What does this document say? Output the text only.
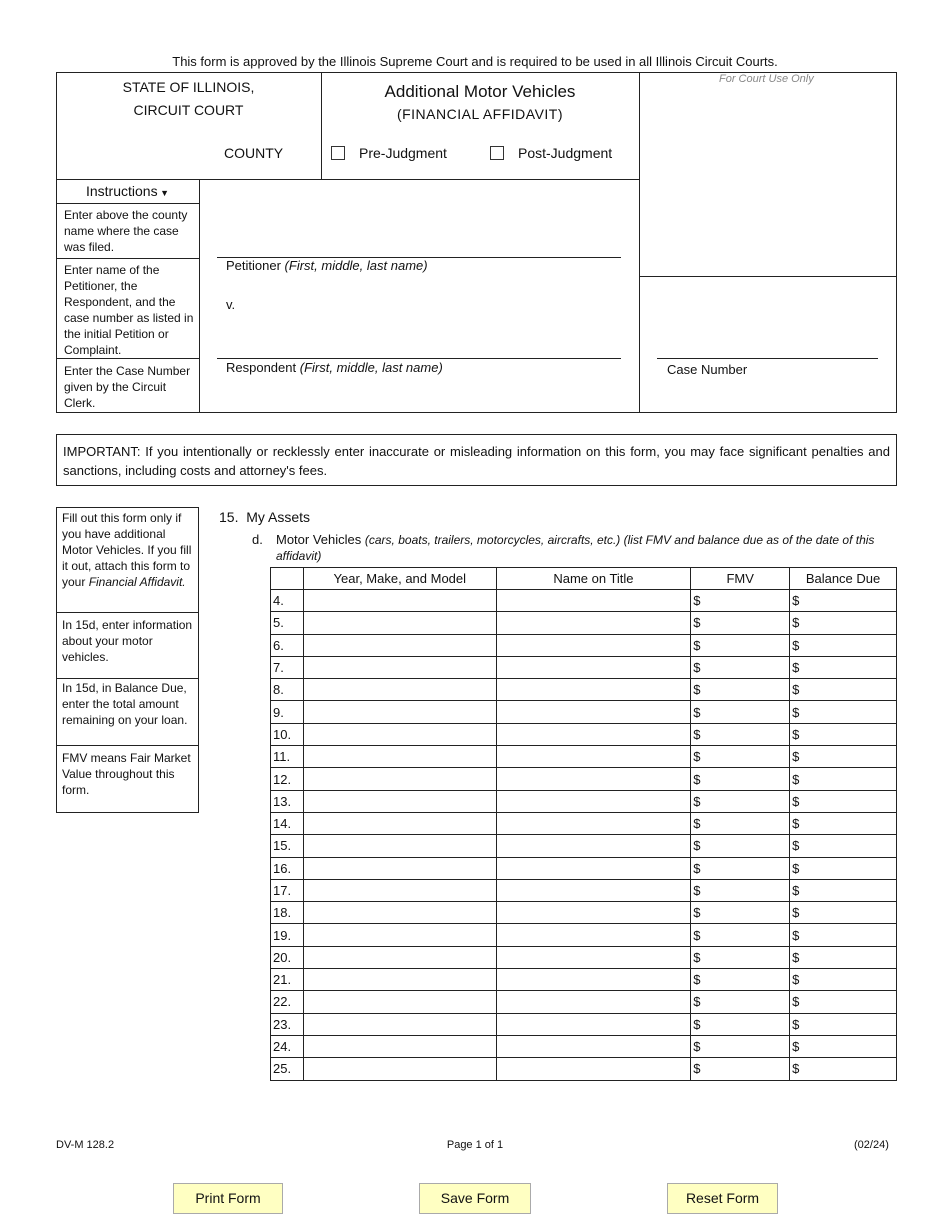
This form is approved by the Illinois Supreme Court and is required to be used in all Illinois Circuit Courts.
STATE OF ILLINOIS,
CIRCUIT COURT
COUNTY
Additional Motor Vehicles
(FINANCIAL AFFIDAVIT)
Pre-Judgment	Post-Judgment
For Court Use Only
Instructions ▼
Enter above the county name where the case was filed.
Enter name of the Petitioner, the Respondent, and the case number as listed in the initial Petition or Complaint.
Enter the Case Number given by the Circuit Clerk.
Petitioner (First, middle, last name)
v.
Respondent (First, middle, last name)	Case Number
IMPORTANT: If you intentionally or recklessly enter inaccurate or misleading information on this form, you may face significant penalties and sanctions, including costs and attorney's fees.
Fill out this form only if you have additional Motor Vehicles. If you fill it out, attach this form to your Financial Affidavit.
In 15d, enter information about your motor vehicles.
In 15d, in Balance Due, enter the total amount remaining on your loan.
FMV means Fair Market Value throughout this form.
15. My Assets
d. Motor Vehicles (cars, boats, trailers, motorcycles, aircrafts, etc.) (list FMV and balance due as of the date of this affidavit)
	Year, Make, and Model	Name on Title	FMV	Balance Due
4.			$	$
5.			$	$
6.			$	$
7.			$	$
8.			$	$
9.			$	$
10.			$	$
11.			$	$
12.			$	$
13.			$	$
14.			$	$
15.			$	$
16.			$	$
17.			$	$
18.			$	$
19.			$	$
20.			$	$
21.			$	$
22.			$	$
23.			$	$
24.			$	$
25.			$	$
DV-M 128.2	Page 1 of 1	(02/24)
Print Form	Save Form	Reset Form
